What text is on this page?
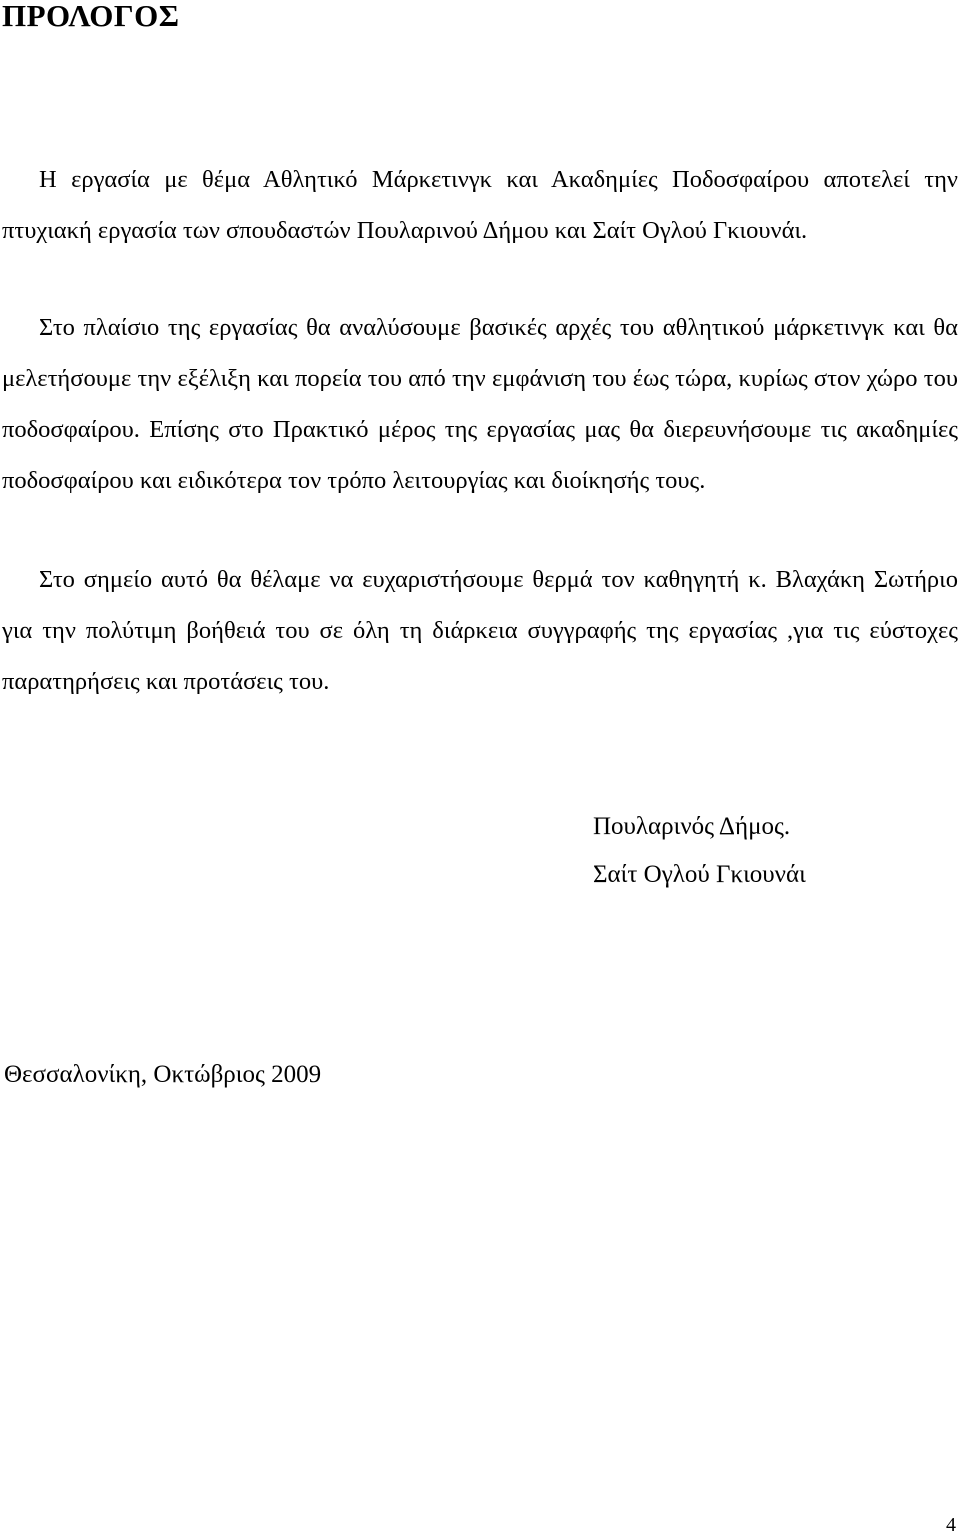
ΠΡΟΛΟΓΟΣ

Η εργασία με θέμα Αθλητικό Μάρκετινγκ και Ακαδημίες Ποδοσφαίρου αποτελεί την πτυχιακή εργασία των σπουδαστών Πουλαρινού Δήμου και Σαίτ Ογλού Γκιουνάι.

Στο πλαίσιο της εργασίας θα αναλύσουμε βασικές αρχές του αθλητικού μάρκετινγκ και θα μελετήσουμε την εξέλιξη και πορεία του από την εμφάνιση του έως τώρα, κυρίως στον χώρο του ποδοσφαίρου. Επίσης στο Πρακτικό μέρος της εργασίας μας θα διερευνήσουμε τις ακαδημίες ποδοσφαίρου και ειδικότερα τον τρόπο λειτουργίας και διοίκησής τους.

Στο σημείο αυτό θα θέλαμε να ευχαριστήσουμε θερμά τον καθηγητή κ. Βλαχάκη Σωτήριο για την πολύτιμη βοήθειά του σε όλη τη διάρκεια συγγραφής της εργασίας ,για τις εύστοχες παρατηρήσεις και προτάσεις του.

Πουλαρινός Δήμος.

Σαίτ Ογλού Γκιουνάι

Θεσσαλονίκη, Οκτώβριος 2009

4
